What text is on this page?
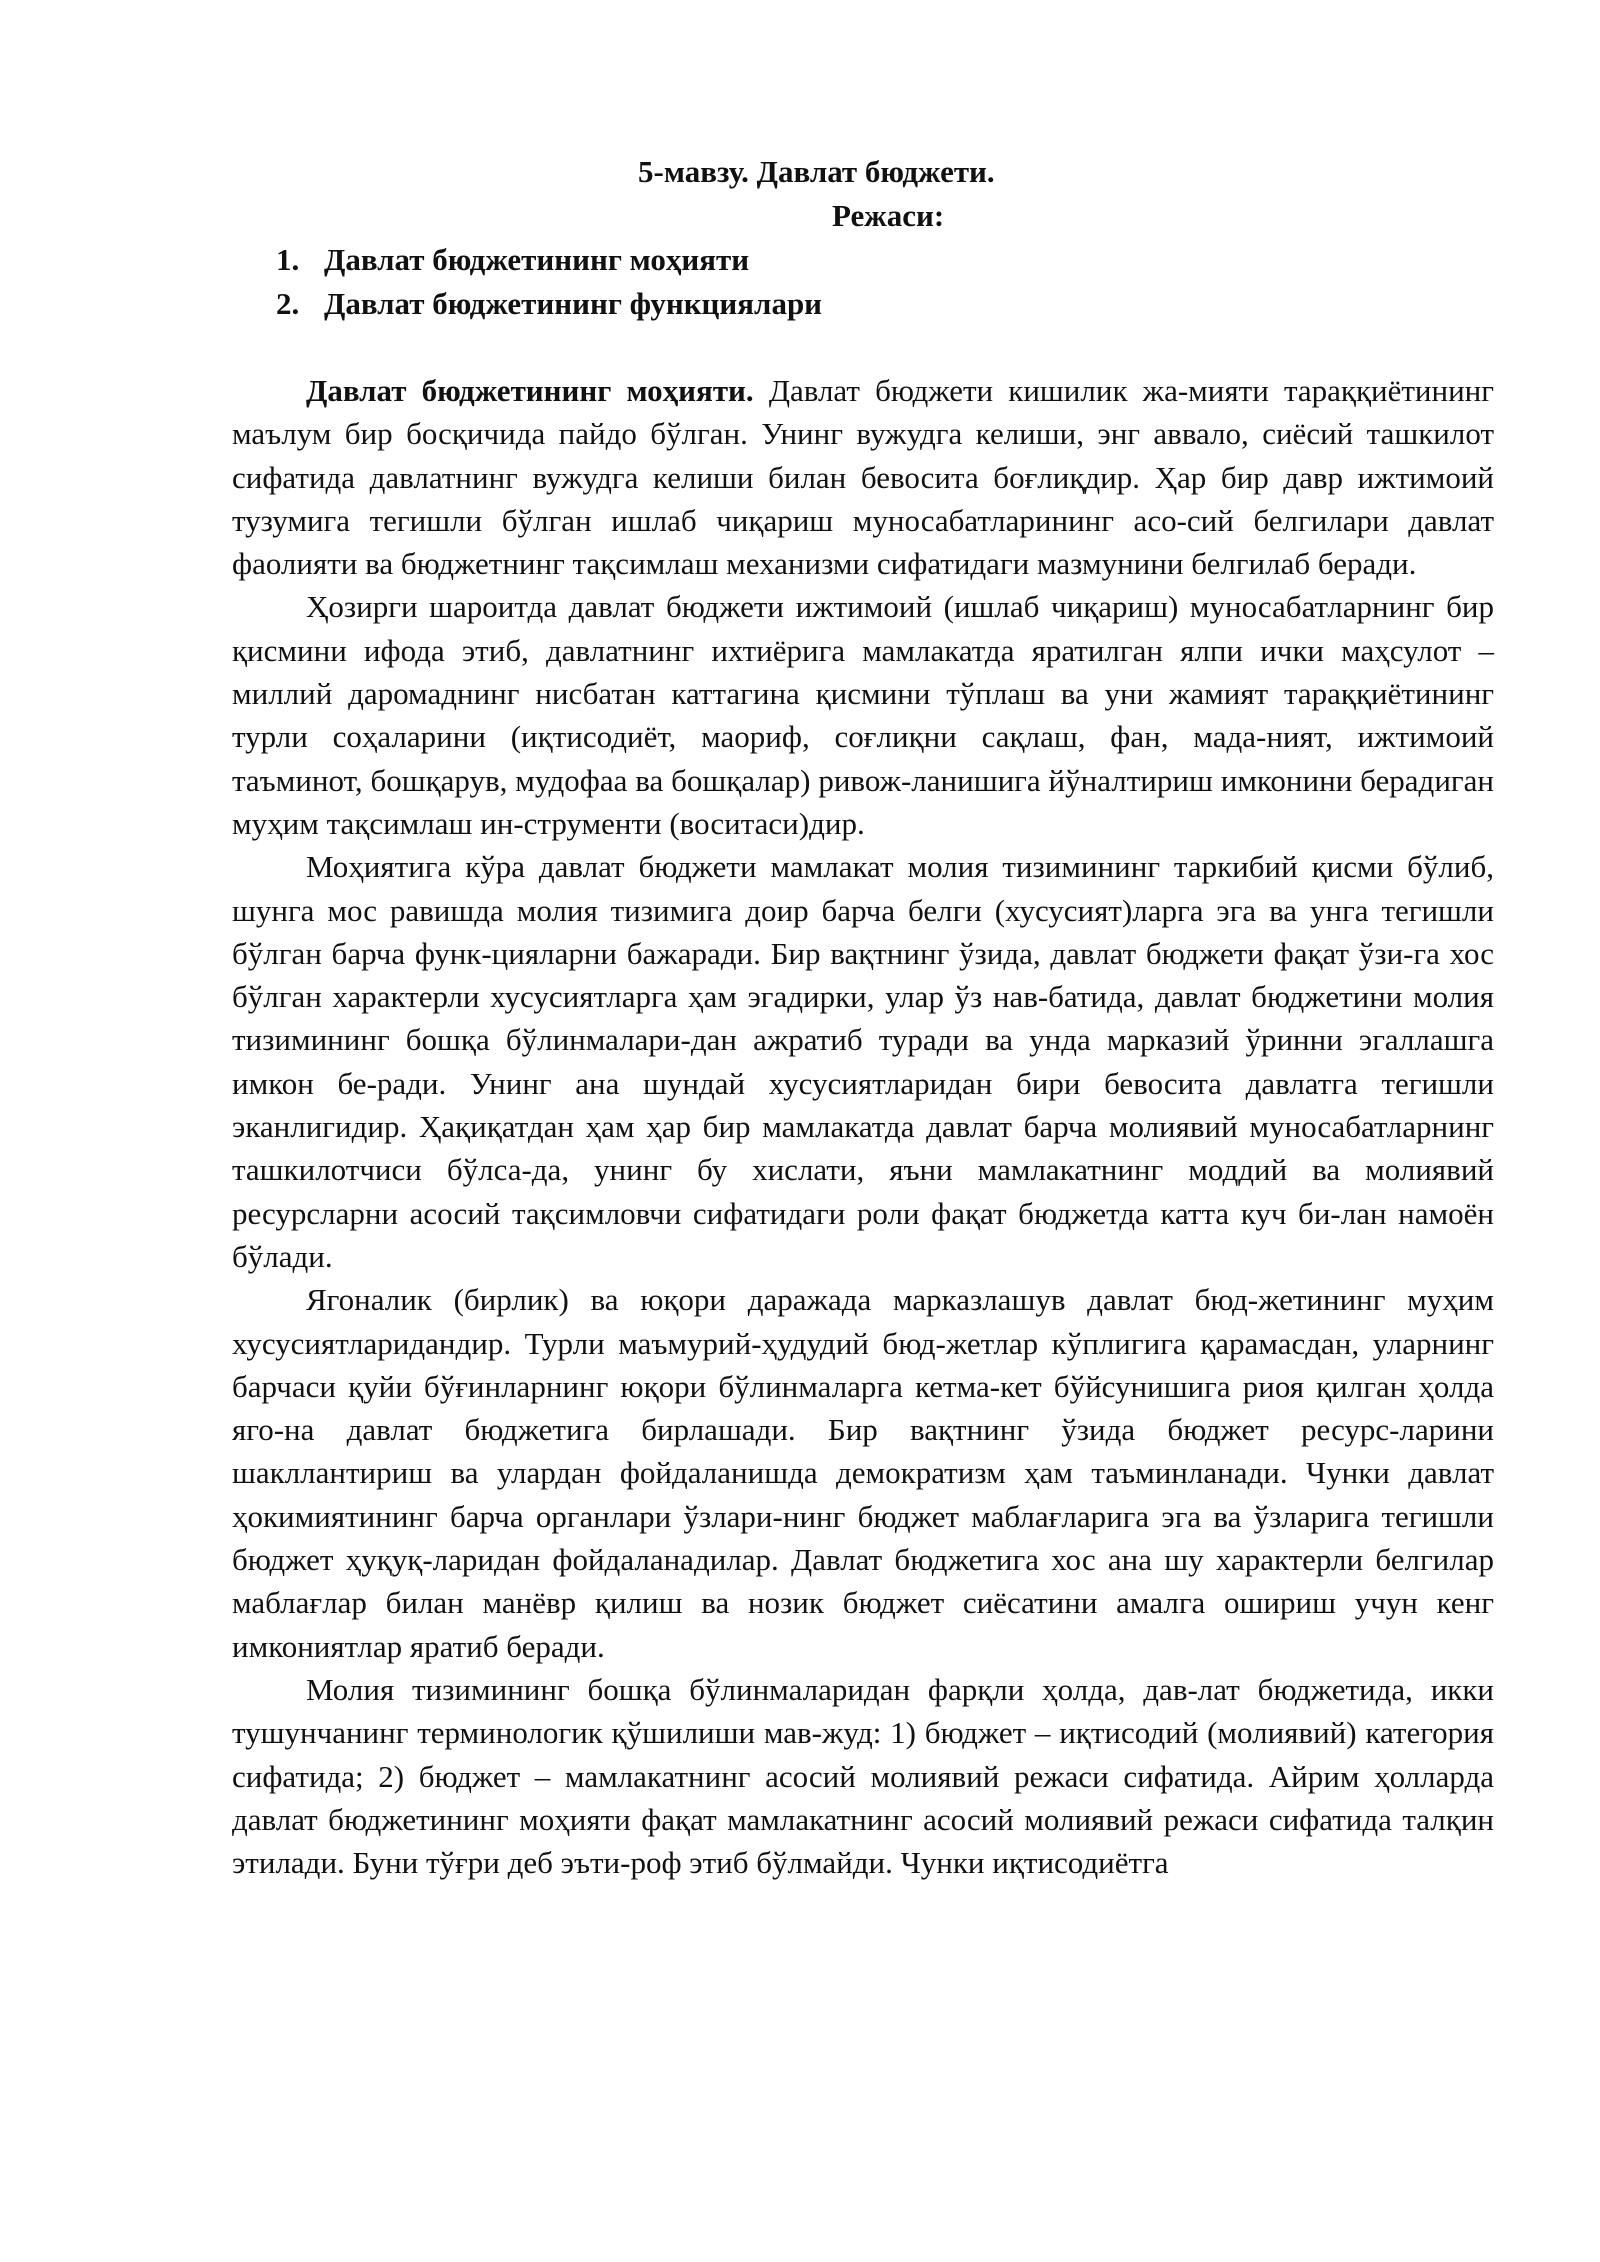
5-мавзу. Давлат бюджети.

Режаси:

1. Давлат бюджетининг моҳияти
2. Давлат бюджетининг функциялари

Давлат бюджетининг моҳияти. Давлат бюджети кишилик жа-мияти тараққиётининг маълум бир босқичида пайдо бўлган. Унинг вужудга келиши, энг аввало, сиёсий ташкилот сифатида давлатнинг вужудга келиши билан бевосита боғлиқдир. Ҳар бир давр ижтимоий тузумига тегишли бўлган ишлаб чиқариш муносабатларининг асо-сий белгилари давлат фаолияти ва бюджетнинг тақсимлаш механизми сифатидаги мазмунини белгилаб беради.

Ҳозирги шароитда давлат бюджети ижтимоий (ишлаб чиқариш) муносабатларнинг бир қисмини ифода этиб, давлатнинг ихтиёрига мамлакатда яратилган ялпи ички маҳсулот – миллий даромаднинг нисбатан каттагина қисмини тўплаш ва уни жамият тараққиётининг турли соҳаларини (иқтисодиёт, маориф, соғлиқни сақлаш, фан, мада-ният, ижтимоий таъминот, бошқарув, мудофаа ва бошқалар) ривож-ланишига йўналтириш имконини берадиган муҳим тақсимлаш ин-струменти (воситаси)дир.

Моҳиятига кўра давлат бюджети мамлакат молия тизимининг таркибий қисми бўлиб, шунга мос равишда молия тизимига доир барча белги (хусусият)ларга эга ва унга тегишли бўлган барча функ-цияларни бажаради. Бир вақтнинг ўзида, давлат бюджети фақат ўзи-га хос бўлган характерли хусусиятларга ҳам эгадирки, улар ўз нав-батида, давлат бюджетини молия тизимининг бошқа бўлинмалари-дан ажратиб туради ва унда марказий ўринни эгаллашга имкон бе-ради. Унинг ана шундай хусусиятларидан бири бевосита давлатга тегишли эканлигидир. Ҳақиқатдан ҳам ҳар бир мамлакатда давлат барча молиявий муносабатларнинг ташкилотчиси бўлса-да, унинг бу хислати, яъни мамлакатнинг моддий ва молиявий ресурсларни асосий тақсимловчи сифатидаги роли фақат бюджетда катта куч би-лан намоён бўлади.

Ягоналик (бирлик) ва юқори даражада марказлашув давлат бюд-жетининг муҳим хусусиятларидандир. Турли маъмурий-ҳудудий бюд-жетлар кўплигига қарамасдан, уларнинг барчаси қуйи бўғинларнинг юқори бўлинмаларга кетма-кет бўйсунишига риоя қилган ҳолда яго-на давлат бюджетига бирлашади. Бир вақтнинг ўзида бюджет ресурс-ларини шакллантириш ва улардан фойдаланишда демократизм ҳам таъминланади. Чунки давлат ҳокимиятининг барча органлари ўзлари-нинг бюджет маблағларига эга ва ўзларига тегишли бюджет ҳуқуқ-ларидан фойдаланадилар. Давлат бюджетига хос ана шу характерли белгилар маблағлар билан манёвр қилиш ва нозик бюджет сиёсатини амалга ошириш учун кенг имкониятлар яратиб беради.

Молия тизимининг бошқа бўлинмаларидан фарқли ҳолда, дав-лат бюджетида, икки тушунчанинг терминологик қўшилиши мав-жуд: 1) бюджет – иқтисодий (молиявий) категория сифатида; 2) бюджет – мамлакатнинг асосий молиявий режаси сифатида. Айрим ҳолларда давлат бюджетининг моҳияти фақат мамлакатнинг асосий молиявий режаси сифатида талқин этилади. Буни тўғри деб эъти-роф этиб бўлмайди. Чунки иқтисодиётга
